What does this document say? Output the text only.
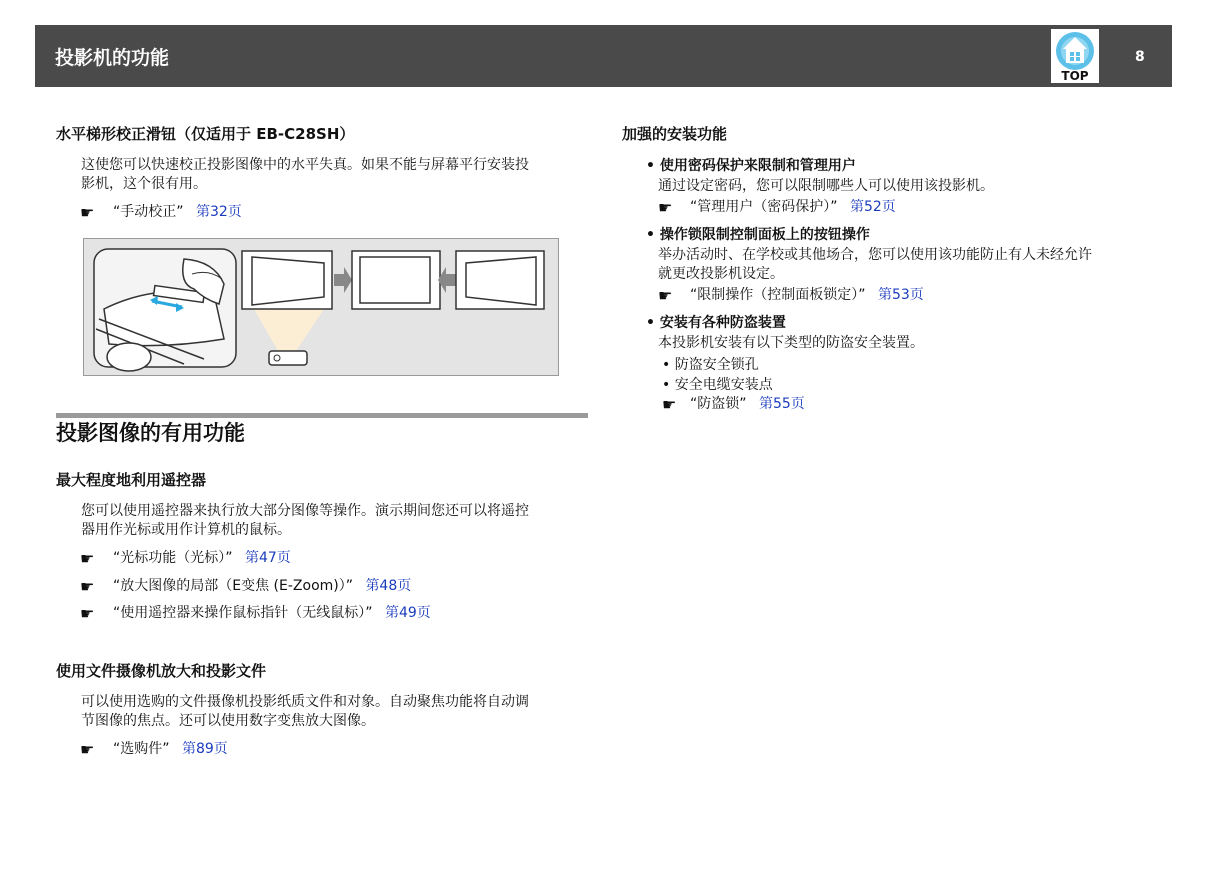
投影机的功能
TOP
8
水平梯形校正滑钮（仅适用于 EB-C28SH）

这使您可以快速校正投影图像中的水平失真。如果不能与屏幕平行安装投

影机，这个很有用。

☛ “手动校正” 第32页
投影图像的有用功能
最大程度地利用遥控器

您可以使用遥控器来执行放大部分图像等操作。演示期间您还可以将遥控

器用作光标或用作计算机的鼠标。

☛ “光标功能（光标）” 第47页
☛ “放大图像的局部（E变焦 (E-Zoom)）” 第48页
☛ “使用遥控器来操作鼠标指针（无线鼠标）” 第49页
使用文件摄像机放大和投影文件

可以使用选购的文件摄像机投影纸质文件和对象。自动聚焦功能将自动调

节图像的焦点。还可以使用数字变焦放大图像。

☛ “选购件” 第89页
加强的安装功能
• 使用密码保护来限制和管理用户

通过设定密码，您可以限制哪些人可以使用该投影机。

☛ “管理用户（密码保护）” 第52页
• 操作锁限制控制面板上的按钮操作

举办活动时、在学校或其他场合，您可以使用该功能防止有人未经允许

就更改投影机设定。

☛ “限制操作（控制面板锁定）” 第53页
• 安装有各种防盗装置

本投影机安装有以下类型的防盗安全装置。

• 防盗安全锁孔
• 安全电缆安装点
☛ “防盗锁” 第55页
